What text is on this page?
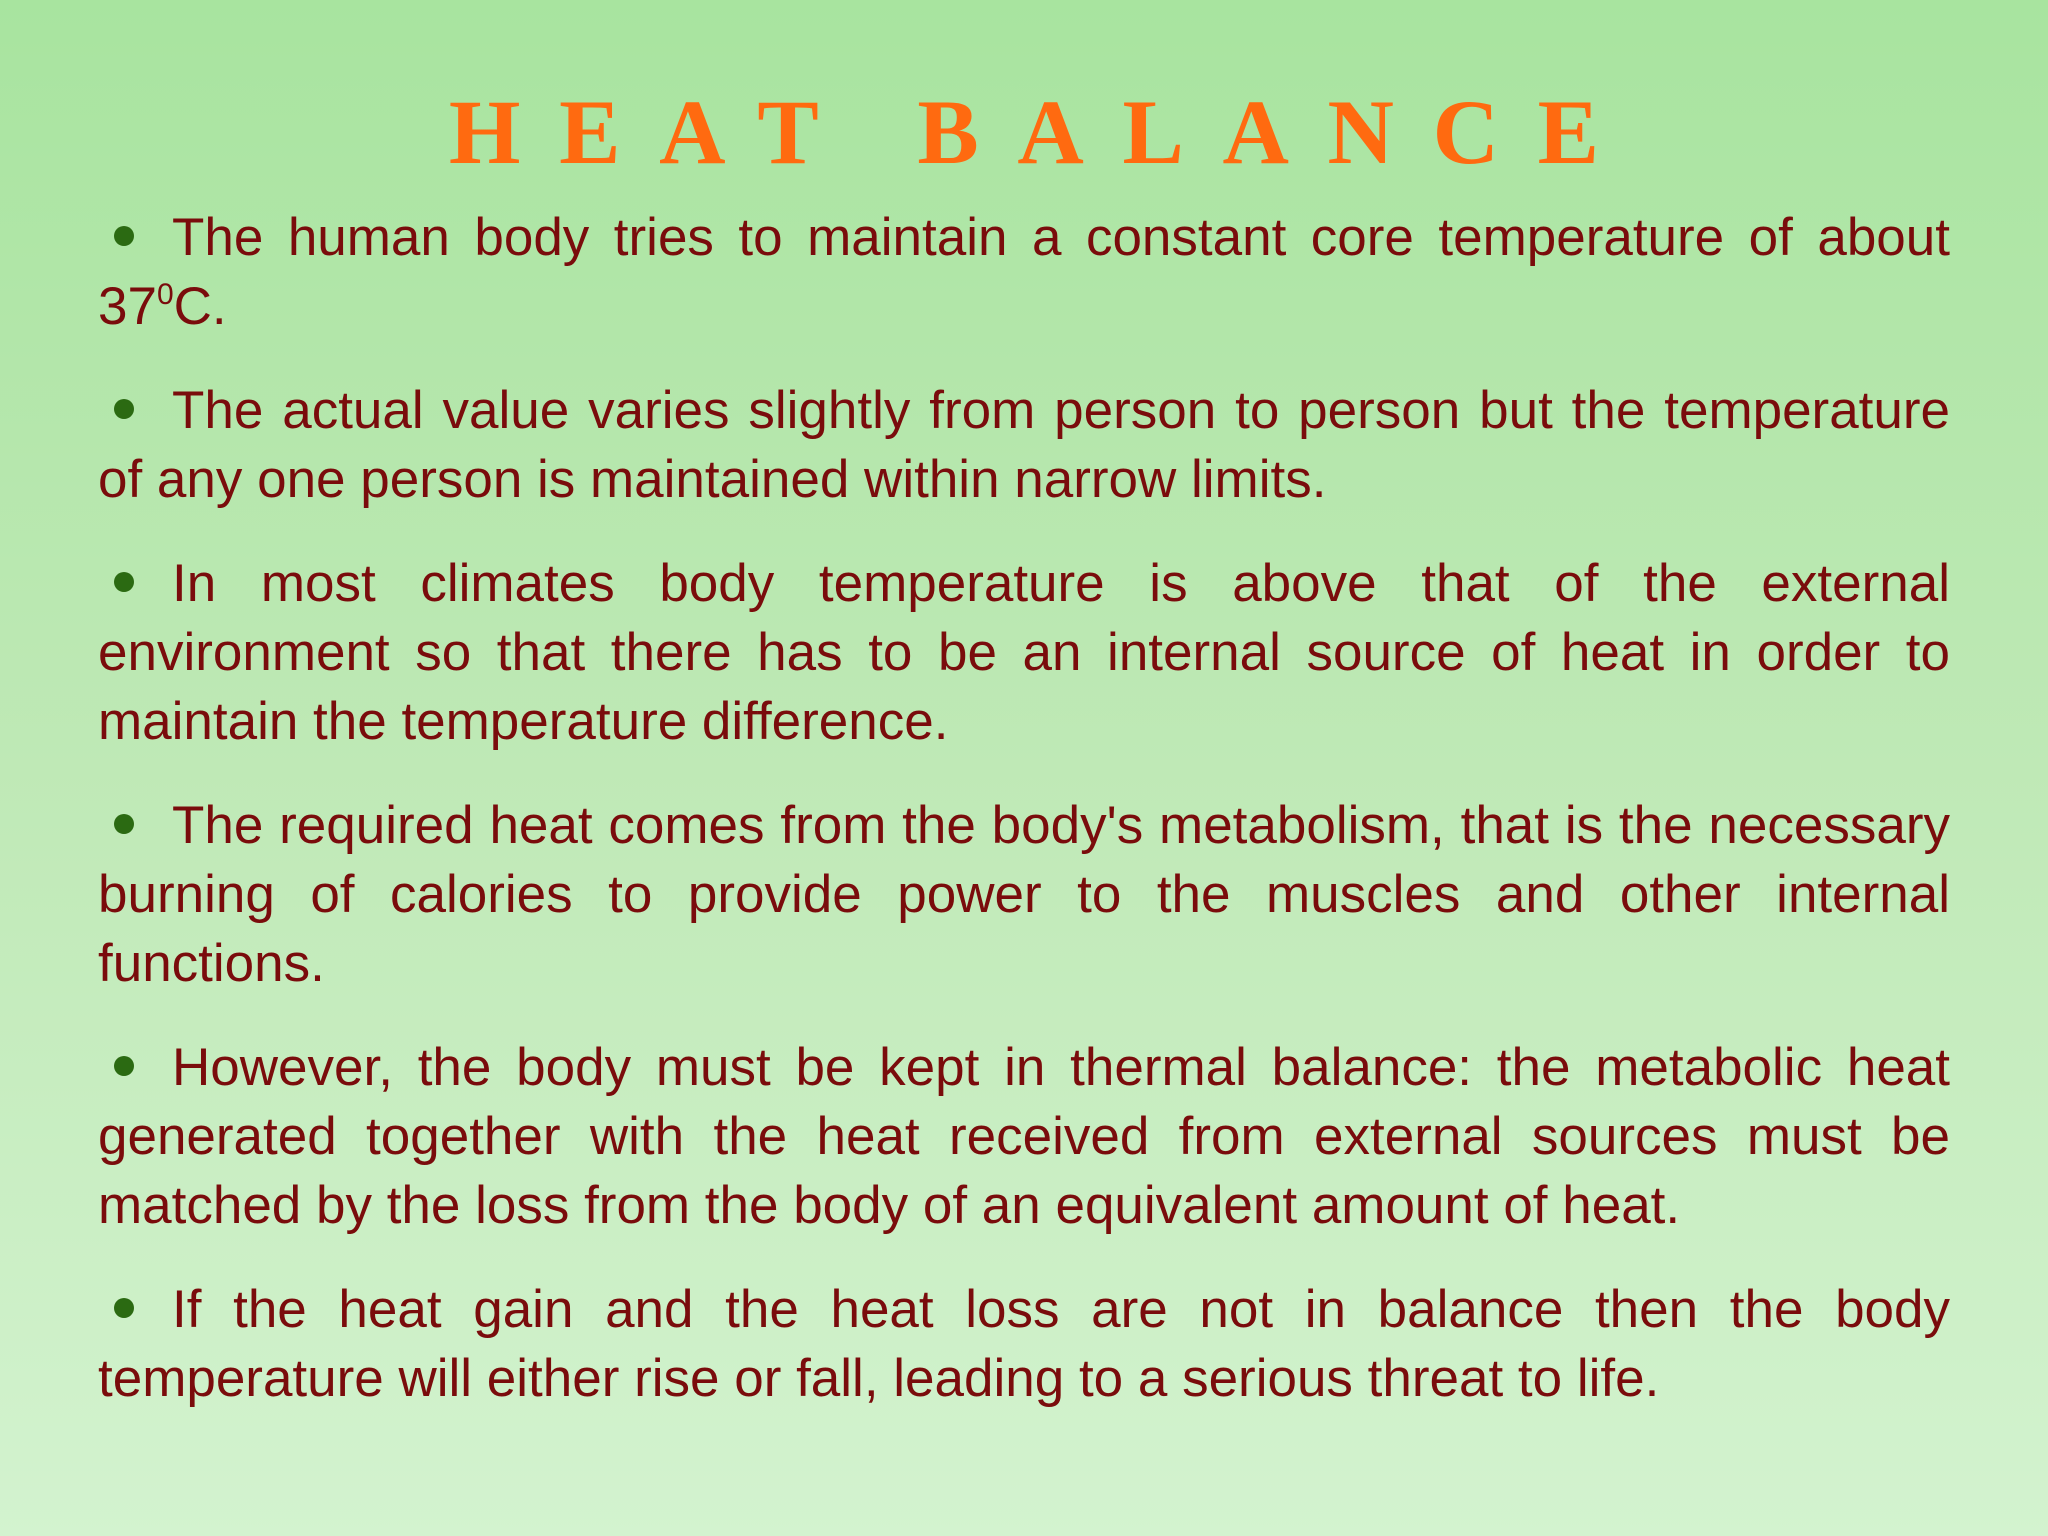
HEAT BALANCE
The human body tries to maintain a constant core temperature of about $37^0C$.
The actual value varies slightly from person to person but the temperature of any one person is maintained within narrow limits.
In most climates body temperature is above that of the external environment so that there has to be an internal source of heat in order to maintain the temperature difference.
The required heat comes from the body's metabolism, that is the necessary burning of calories to provide power to the muscles and other internal functions.
However, the body must be kept in thermal balance: the metabolic heat generated together with the heat received from external sources must be matched by the loss from the body of an equivalent amount of heat.
If the heat gain and the heat loss are not in balance then the body temperature will either rise or fall, leading to a serious threat to life.
